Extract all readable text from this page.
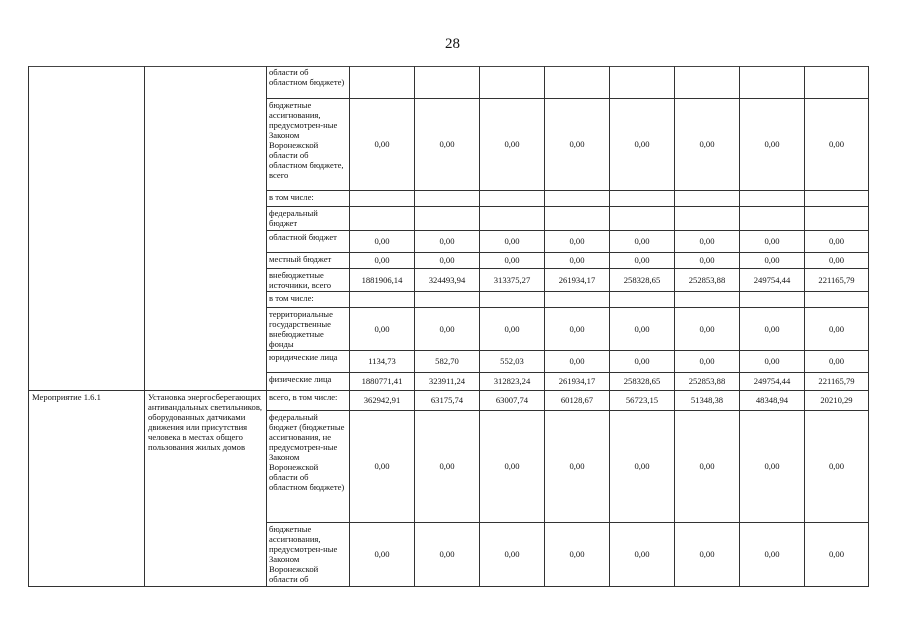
28
		области об областном бюджете)								
		бюджетные ассигнования, предусмотрен-ные Законом Воронежской области об областном бюджете, всего	0,00	0,00	0,00	0,00	0,00	0,00	0,00	0,00
		в том числе:								
		федеральный бюджет								
		областной бюджет	0,00	0,00	0,00	0,00	0,00	0,00	0,00	0,00
		местный бюджет	0,00	0,00	0,00	0,00	0,00	0,00	0,00	0,00
		внебюджетные источники, всего	1881906,14	324493,94	313375,27	261934,17	258328,65	252853,88	249754,44	221165,79
		в том числе:								
		территориальные государственные внебюджетные фонды	0,00	0,00	0,00	0,00	0,00	0,00	0,00	0,00
		юридические лица	1134,73	582,70	552,03	0,00	0,00	0,00	0,00	0,00
		физические лица	1880771,41	323911,24	312823,24	261934,17	258328,65	252853,88	249754,44	221165,79
Мероприятие 1.6.1	Установка энергосберегающих антивандальных светильников, оборудованных датчиками движения или присутствия человека в местах общего пользования жилых домов	всего, в том числе:	362942,91	63175,74	63007,74	60128,67	56723,15	51348,38	48348,94	20210,29
		федеральный бюджет (бюджетные ассигнования, не предусмотрен-ные Законом Воронежской области об областном бюджете)	0,00	0,00	0,00	0,00	0,00	0,00	0,00	0,00
		бюджетные ассигнования, предусмотрен-ные Законом Воронежской области об	0,00	0,00	0,00	0,00	0,00	0,00	0,00	0,00
